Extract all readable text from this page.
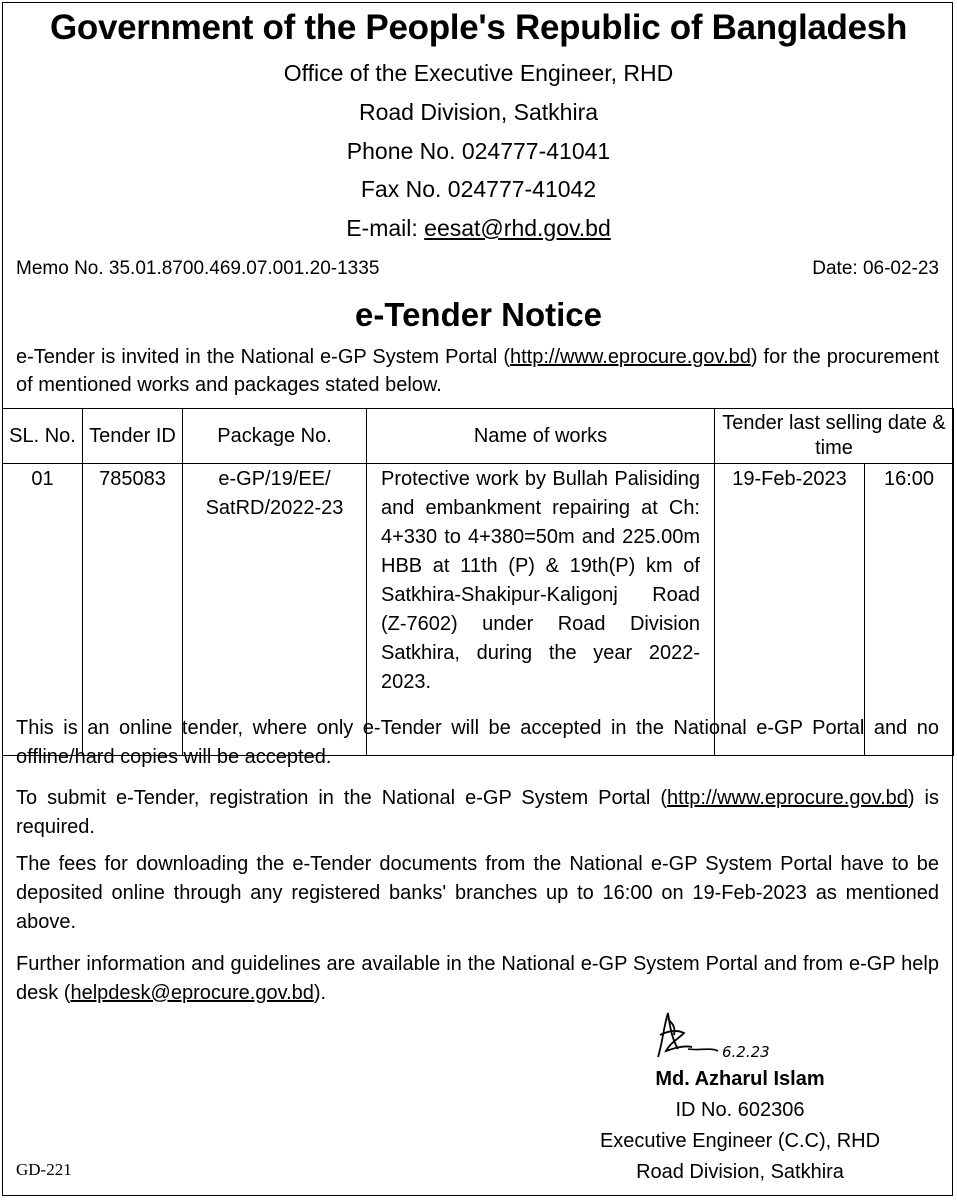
Government of the People's Republic of Bangladesh
Office of the Executive Engineer, RHD
Road Division, Satkhira
Phone No. 024777-41041
Fax No. 024777-41042
E-mail: eesat@rhd.gov.bd
Memo No. 35.01.8700.469.07.001.20-1335	Date: 06-02-23
e-Tender Notice
e-Tender is invited in the National e-GP System Portal (http://www.eprocure.gov.bd) for the procurement of mentioned works and packages stated below.
SL. No.	Tender ID	Package No.	Name of works	Tender last selling date & time	
01	785083	e-GP/19/EE/ SatRD/2022-23	Protective work by Bullah Palisiding and embankment repairing at Ch: 4+330 to 4+380=50m and 225.00m HBB at 11th (P) & 19th(P) km of Satkhira-Shakipur-Kaligonj Road (Z-7602) under Road Division Satkhira, during the year 2022-2023.	19-Feb-2023	16:00

This is an online tender, where only e-Tender will be accepted in the National e-GP Portal and no offline/hard copies will be accepted.

To submit e-Tender, registration in the National e-GP System Portal (http://www.eprocure.gov.bd) is required.

The fees for downloading the e-Tender documents from the National e-GP System Portal have to be deposited online through any registered banks' branches up to 16:00 on 19-Feb-2023 as mentioned above.

Further information and guidelines are available in the National e-GP System Portal and from e-GP help desk (helpdesk@eprocure.gov.bd).

6.2.23
Md. Azharul Islam
ID No. 602306
Executive Engineer (C.C), RHD
Road Division, Satkhira
GD-221
